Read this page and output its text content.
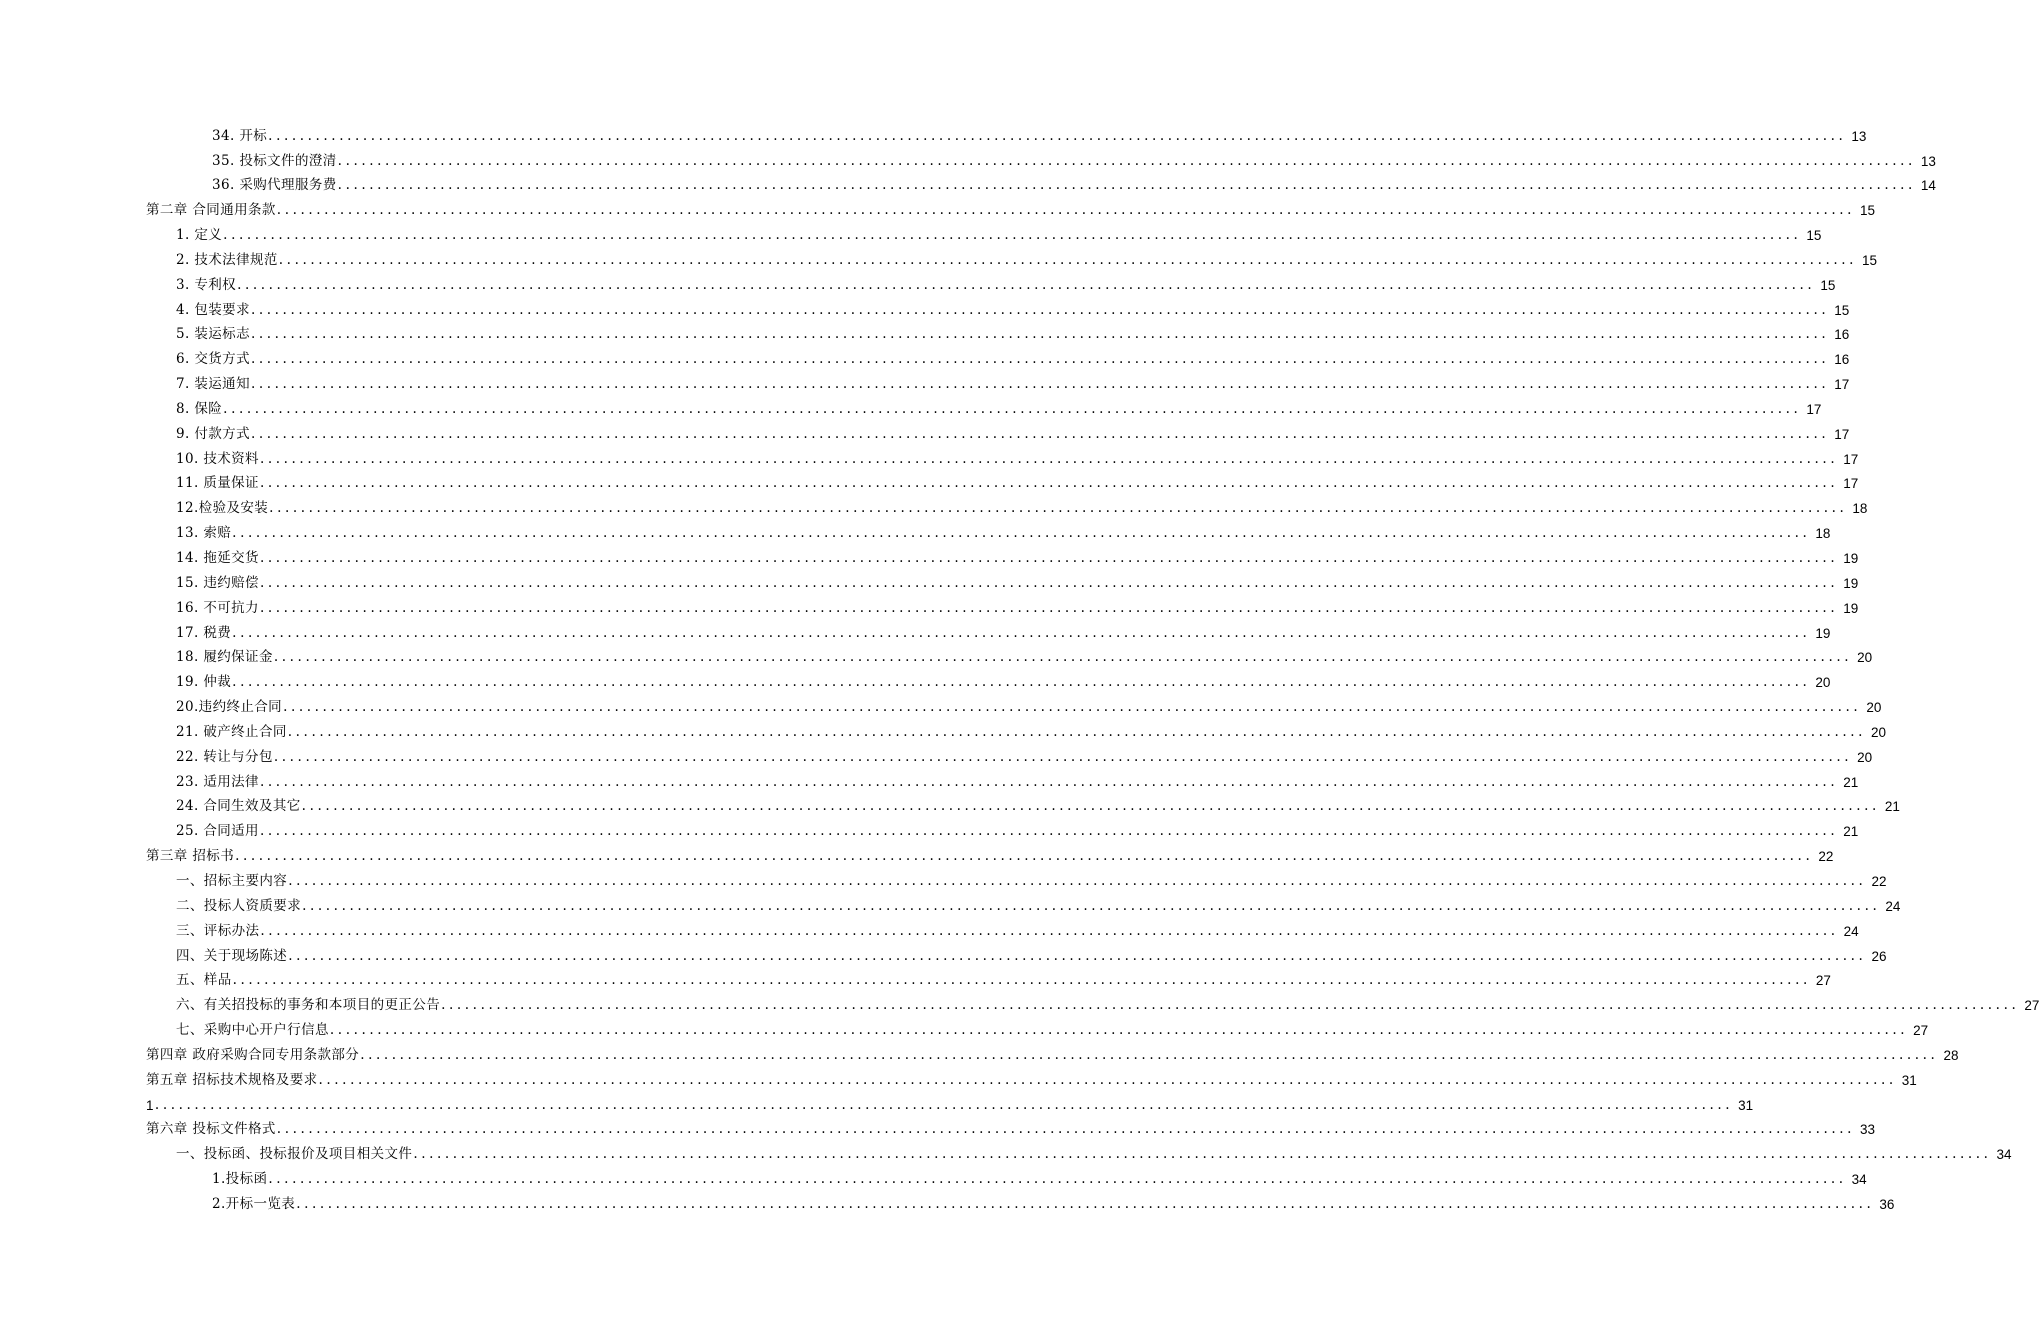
34. 开标 ........................................................................................................................................................................................................ 13
35. 投标文件的澄清 ........................................................................................................................................................................................................ 13
36. 采购代理服务费 ........................................................................................................................................................................................................ 14
第二章 合同通用条款 ........................................................................................................................................................................................................ 15
1. 定义 ........................................................................................................................................................................................................ 15
2. 技术法律规范 ........................................................................................................................................................................................................ 15
3. 专利权 ........................................................................................................................................................................................................ 15
4. 包装要求 ........................................................................................................................................................................................................ 15
5. 装运标志 ........................................................................................................................................................................................................ 16
6. 交货方式 ........................................................................................................................................................................................................ 16
7. 装运通知 ........................................................................................................................................................................................................ 17
8. 保险 ........................................................................................................................................................................................................ 17
9. 付款方式 ........................................................................................................................................................................................................ 17
10. 技术资料 ........................................................................................................................................................................................................ 17
11. 质量保证 ........................................................................................................................................................................................................ 17
12.检验及安装 ........................................................................................................................................................................................................ 18
13. 索赔 ........................................................................................................................................................................................................ 18
14. 拖延交货 ........................................................................................................................................................................................................ 19
15. 违约赔偿 ........................................................................................................................................................................................................ 19
16. 不可抗力 ........................................................................................................................................................................................................ 19
17. 税费 ........................................................................................................................................................................................................ 19
18. 履约保证金 ........................................................................................................................................................................................................ 20
19. 仲裁 ........................................................................................................................................................................................................ 20
20.违约终止合同 ........................................................................................................................................................................................................ 20
21. 破产终止合同 ........................................................................................................................................................................................................ 20
22. 转让与分包 ........................................................................................................................................................................................................ 20
23. 适用法律 ........................................................................................................................................................................................................ 21
24. 合同生效及其它 ........................................................................................................................................................................................................ 21
25. 合同适用 ........................................................................................................................................................................................................ 21
第三章 招标书 ........................................................................................................................................................................................................ 22
一、招标主要内容 ........................................................................................................................................................................................................ 22
二、投标人资质要求 ........................................................................................................................................................................................................ 24
三、评标办法 ........................................................................................................................................................................................................ 24
四、关于现场陈述 ........................................................................................................................................................................................................ 26
五、样品 ........................................................................................................................................................................................................ 27
六、有关招投标的事务和本项目的更正公告 ........................................................................................................................................................................................................ 27
七、采购中心开户行信息 ........................................................................................................................................................................................................ 27
第四章 政府采购合同专用条款部分 ........................................................................................................................................................................................................ 28
第五章 招标技术规格及要求 ........................................................................................................................................................................................................ 31
1 ........................................................................................................................................................................................................ 31
第六章 投标文件格式 ........................................................................................................................................................................................................ 33
一、投标函、投标报价及项目相关文件 ........................................................................................................................................................................................................ 34
1.投标函 ........................................................................................................................................................................................................ 34
2.开标一览表 ........................................................................................................................................................................................................ 36
